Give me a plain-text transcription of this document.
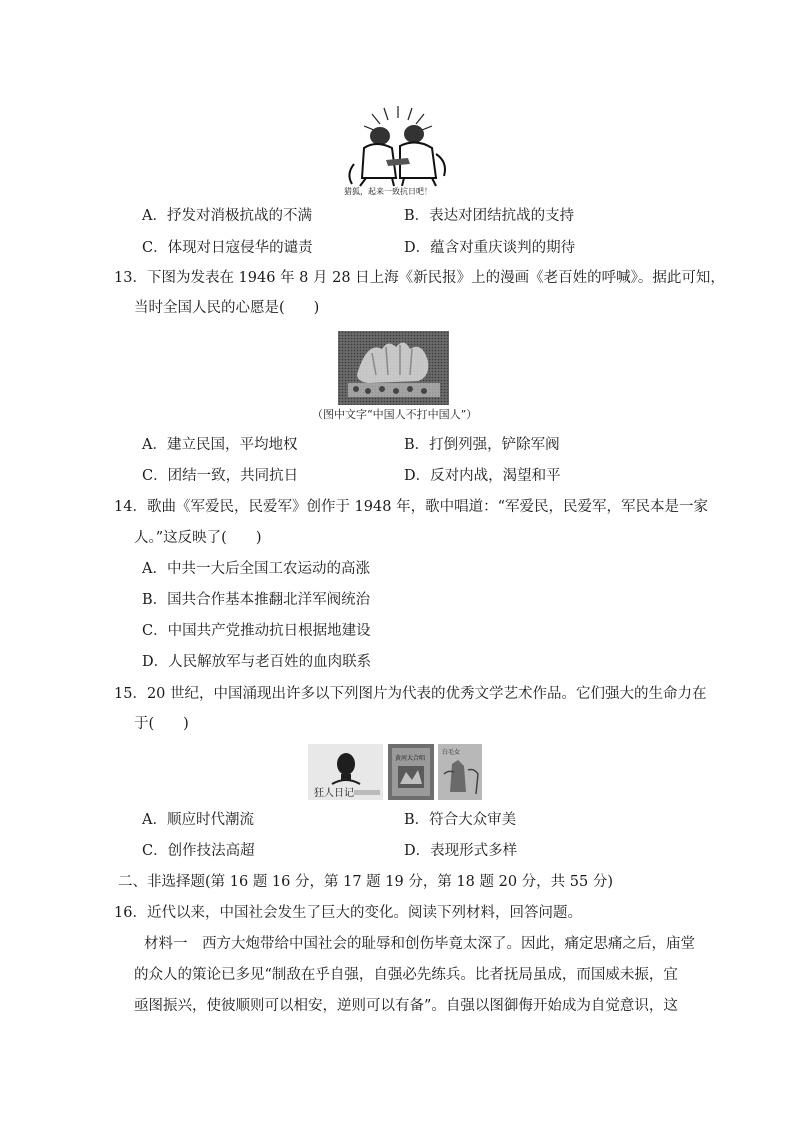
猎狐，起来一致抗日吧！
A．抒发对消极抗战的不满	B．表达对团结抗战的支持
C．体现对日寇侵华的谴责	D．蕴含对重庆谈判的期待
13．下图为发表在 1946 年 8 月 28 日上海《新民报》上的漫画《老百姓的呼喊》。据此可知，
当时全国人民的心愿是(　　)
（图中文字“中国人不打中国人”）
A．建立民国，平均地权	B．打倒列强，铲除军阀
C．团结一致，共同抗日	D．反对内战，渴望和平
14．歌曲《军爱民，民爱军》创作于 1948 年，歌中唱道：“军爱民，民爱军，军民本是一家
人。”这反映了(　　)
A．中共一大后全国工农运动的高涨
B．国共合作基本推翻北洋军阀统治
C．中国共产党推动抗日根据地建设
D．人民解放军与老百姓的血肉联系
15．20 世纪，中国涌现出许多以下列图片为代表的优秀文学艺术作品。它们强大的生命力在
于(　　)
狂人日记
黄河大合唱
白毛女
A．顺应时代潮流	B．符合大众审美
C．创作技法高超	D．表现形式多样
二、非选择题(第 16 题 16 分，第 17 题 19 分，第 18 题 20 分，共 55 分)
16．近代以来，中国社会发生了巨大的变化。阅读下列材料，回答问题。
材料一　西方大炮带给中国社会的耻辱和创伤毕竟太深了。因此，痛定思痛之后，庙堂
的众人的策论已多见“制敌在乎自强，自强必先练兵。比者抚局虽成，而国威未振，宜
亟图振兴，使彼顺则可以相安，逆则可以有备”。自强以图御侮开始成为自觉意识，这
